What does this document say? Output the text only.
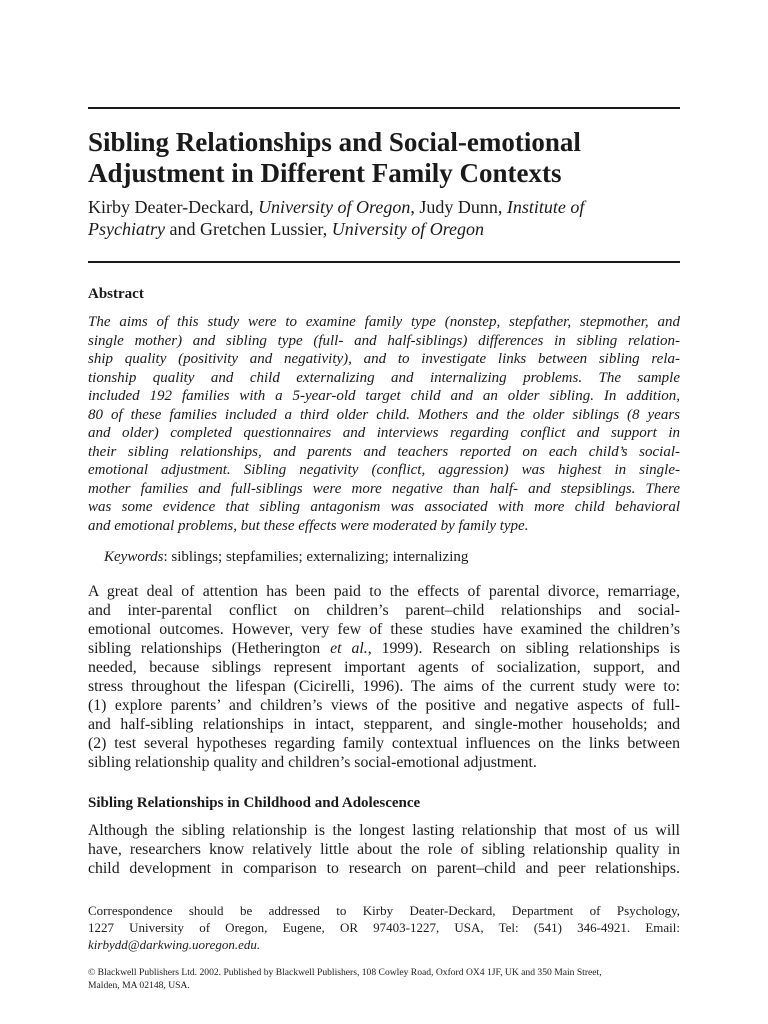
Sibling Relationships and Social-emotional
Adjustment in Different Family Contexts
Kirby Deater-Deckard, University of Oregon, Judy Dunn, Institute of
Psychiatry and Gretchen Lussier, University of Oregon
Abstract
The aims of this study were to examine family type (nonstep, stepfather, stepmother, and
single mother) and sibling type (full- and half-siblings) differences in sibling relation-
ship quality (positivity and negativity), and to investigate links between sibling rela-
tionship quality and child externalizing and internalizing problems. The sample
included 192 families with a 5-year-old target child and an older sibling. In addition,
80 of these families included a third older child. Mothers and the older siblings (8 years
and older) completed questionnaires and interviews regarding conflict and support in
their sibling relationships, and parents and teachers reported on each child’s social-
emotional adjustment. Sibling negativity (conflict, aggression) was highest in single-
mother families and full-siblings were more negative than half- and stepsiblings. There
was some evidence that sibling antagonism was associated with more child behavioral
and emotional problems, but these effects were moderated by family type.
Keywords: siblings; stepfamilies; externalizing; internalizing
A great deal of attention has been paid to the effects of parental divorce, remarriage,
and inter-parental conflict on children’s parent–child relationships and social-
emotional outcomes. However, very few of these studies have examined the children’s
sibling relationships (Hetherington et al., 1999). Research on sibling relationships is
needed, because siblings represent important agents of socialization, support, and
stress throughout the lifespan (Cicirelli, 1996). The aims of the current study were to:
(1) explore parents’ and children’s views of the positive and negative aspects of full-
and half-sibling relationships in intact, stepparent, and single-mother households; and
(2) test several hypotheses regarding family contextual influences on the links between
sibling relationship quality and children’s social-emotional adjustment.
Sibling Relationships in Childhood and Adolescence
Although the sibling relationship is the longest lasting relationship that most of us will
have, researchers know relatively little about the role of sibling relationship quality in
child development in comparison to research on parent–child and peer relationships.
Correspondence should be addressed to Kirby Deater-Deckard, Department of Psychology,
1227 University of Oregon, Eugene, OR 97403-1227, USA, Tel: (541) 346-4921. Email:
kirbydd@darkwing.uoregon.edu.
© Blackwell Publishers Ltd. 2002. Published by Blackwell Publishers, 108 Cowley Road, Oxford OX4 1JF, UK and 350 Main Street,
Malden, MA 02148, USA.
